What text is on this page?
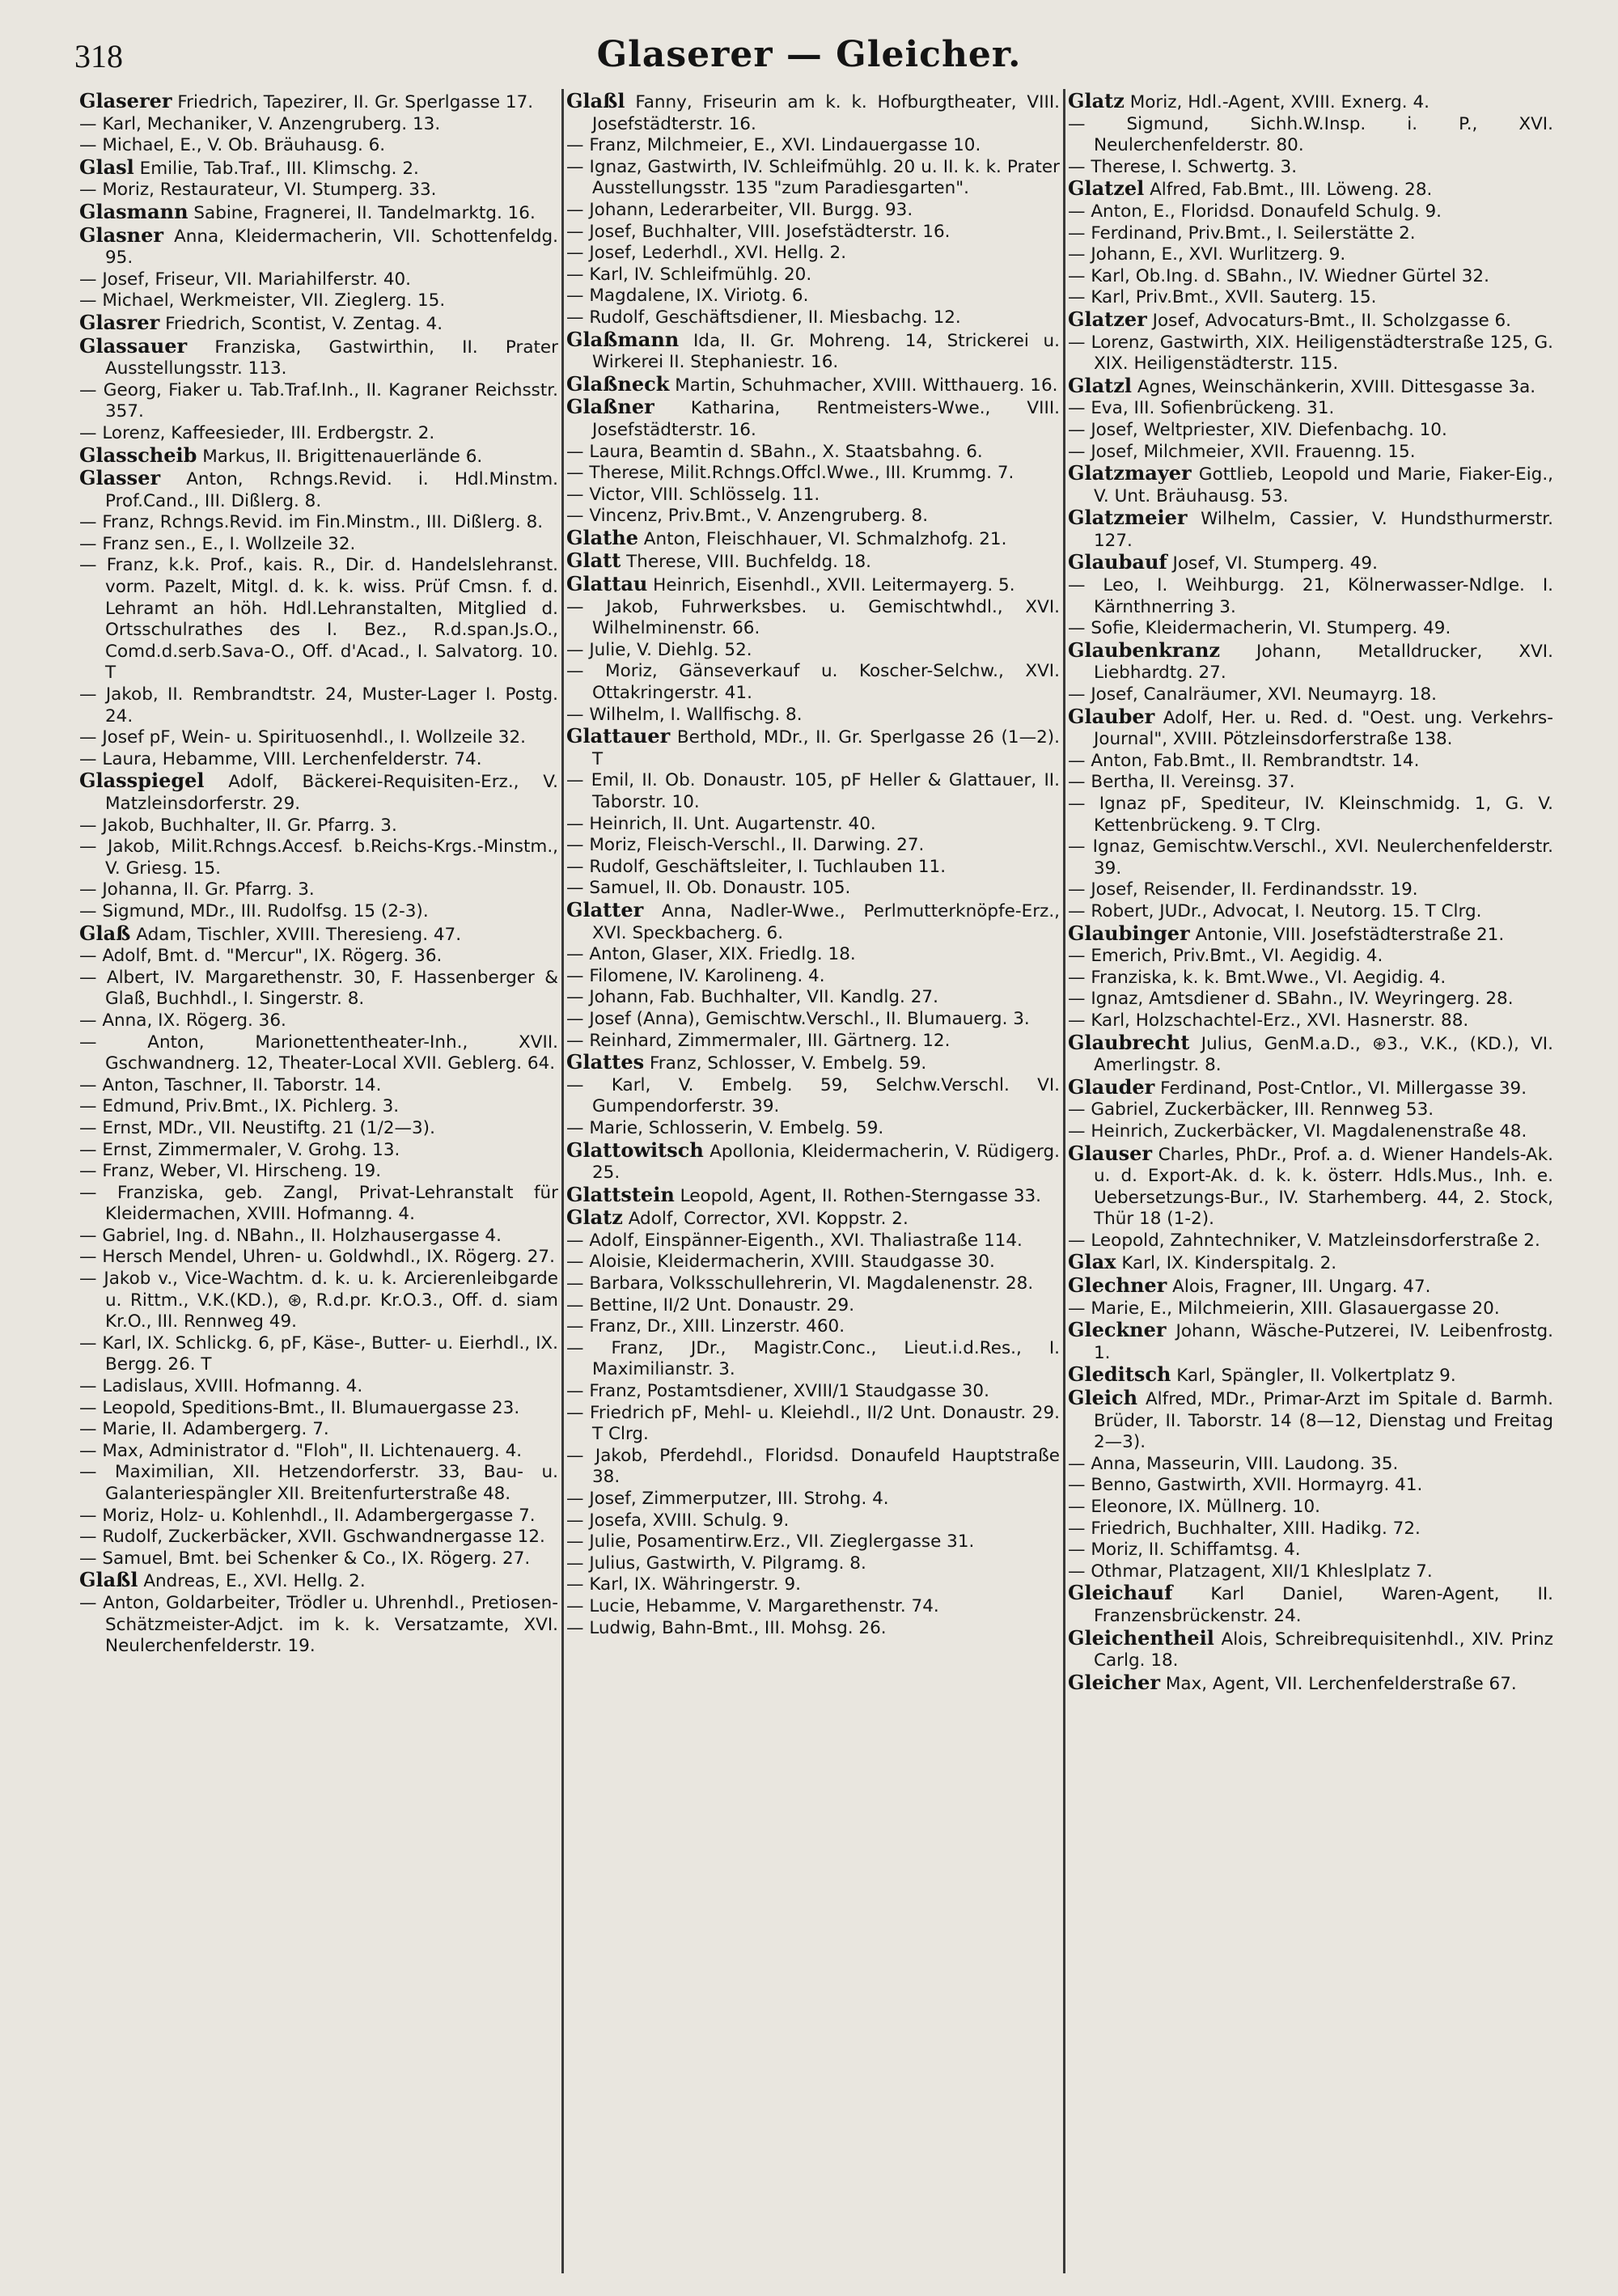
318	Glaserer — Gleicher.
Glaserer Friedrich, Tapezirer, II. Gr. Sperlgasse 17.
— Karl, Mechaniker, V. Anzengruberg. 13.
— Michael, E., V. Ob. Bräuhausg. 6.
Glasl Emilie, Tab.Traf., III. Klimschg. 2.
— Moriz, Restaurateur, VI. Stumperg. 33.
Glasmann Sabine, Fragnerei, II. Tandelmarktg. 16.
Glasner Anna, Kleidermacherin, VII. Schottenfeldg. 95.
— Josef, Friseur, VII. Mariahilferstr. 40.
— Michael, Werkmeister, VII. Zieglerg. 15.
Glasrer Friedrich, Scontist, V. Zentag. 4.
Glassauer Franziska, Gastwirthin, II. Prater Ausstellungsstr. 113.
— Georg, Fiaker u. Tab.Traf.Inh., II. Kagraner Reichsstr. 357.
— Lorenz, Kaffeesieder, III. Erdbergstr. 2.
Glasscheib Markus, II. Brigittenauerlände 6.
Glasser Anton, Rchngs.Revid. i. Hdl.Minstm. Prof.Cand., III. Dißlerg. 8.
— Franz, Rchngs.Revid. im Fin.Minstm., III. Dißlerg. 8.
— Franz sen., E., I. Wollzeile 32.
— Franz, k.k. Prof., kais. R., Dir. d. Handelslehranst. vorm. Pazelt, Mitgl. d. k. k. wiss. Prüf Cmsn. f. d. Lehramt an höh. Hdl.Lehranstalten, Mitglied d. Ortsschulrathes des I. Bez., R.d.span.Js.O., Comd.d.serb.Sava-O., Off. d'Acad., I. Salvatorg. 10. T
— Jakob, II. Rembrandtstr. 24, Muster-Lager I. Postg. 24.
— Josef pF, Wein- u. Spirituosenhdl., I. Wollzeile 32.
— Laura, Hebamme, VIII. Lerchenfelderstr. 74.
Glasspiegel Adolf, Bäckerei-Requisiten-Erz., V. Matzleinsdorferstr. 29.
— Jakob, Buchhalter, II. Gr. Pfarrg. 3.
— Jakob, Milit.Rchngs.Accesf. b.Reichs-Krgs.-Minstm., V. Griesg. 15.
— Johanna, II. Gr. Pfarrg. 3.
— Sigmund, MDr., III. Rudolfsg. 15 (2-3).
Glaß Adam, Tischler, XVIII. Theresieng. 47.
— Adolf, Bmt. d. "Mercur", IX. Rögerg. 36.
— Albert, IV. Margarethenstr. 30, F. Hassenberger & Glaß, Buchhdl., I. Singerstr. 8.
— Anna, IX. Rögerg. 36.
— Anton, Marionettentheater-Inh., XVII. Gschwandnerg. 12, Theater-Local XVII. Geblerg. 64.
— Anton, Taschner, II. Taborstr. 14.
— Edmund, Priv.Bmt., IX. Pichlerg. 3.
— Ernst, MDr., VII. Neustiftg. 21 (1/2—3).
— Ernst, Zimmermaler, V. Grohg. 13.
— Franz, Weber, VI. Hirscheng. 19.
— Franziska, geb. Zangl, Privat-Lehranstalt für Kleidermachen, XVIII. Hofmanng. 4.
— Gabriel, Ing. d. NBahn., II. Holzhausergasse 4.
— Hersch Mendel, Uhren- u. Goldwhdl., IX. Rögerg. 27.
— Jakob v., Vice-Wachtm. d. k. u. k. Arcierenleibgarde u. Rittm., V.K.(KD.), ⊛, R.d.pr. Kr.O.3., Off. d. siam Kr.O., III. Rennweg 49.
— Karl, IX. Schlickg. 6, pF, Käse-, Butter- u. Eierhdl., IX. Bergg. 26. T
— Ladislaus, XVIII. Hofmanng. 4.
— Leopold, Speditions-Bmt., II. Blumauergasse 23.
— Marie, II. Adambergerg. 7.
— Max, Administrator d. "Floh", II. Lichtenauerg. 4.
— Maximilian, XII. Hetzendorferstr. 33, Bau- u. Galanteriespängler XII. Breitenfurterstraße 48.
— Moriz, Holz- u. Kohlenhdl., II. Adambergergasse 7.
— Rudolf, Zuckerbäcker, XVII. Gschwandnergasse 12.
— Samuel, Bmt. bei Schenker & Co., IX. Rögerg. 27.
Glaßl Andreas, E., XVI. Hellg. 2.
— Anton, Goldarbeiter, Trödler u. Uhrenhdl., Pretiosen-Schätzmeister-Adjct. im k. k. Versatzamte, XVI. Neulerchenfelderstr. 19.
Glaßl Fanny, Friseurin am k. k. Hofburgtheater, VIII. Josefstädterstr. 16.
— Franz, Milchmeier, E., XVI. Lindauergasse 10.
— Ignaz, Gastwirth, IV. Schleifmühlg. 20 u. II. k. k. Prater Ausstellungsstr. 135 "zum Paradiesgarten".
— Johann, Lederarbeiter, VII. Burgg. 93.
— Josef, Buchhalter, VIII. Josefstädterstr. 16.
— Josef, Lederhdl., XVI. Hellg. 2.
— Karl, IV. Schleifmühlg. 20.
— Magdalene, IX. Viriotg. 6.
— Rudolf, Geschäftsdiener, II. Miesbachg. 12.
Glaßmann Ida, II. Gr. Mohreng. 14, Strickerei u. Wirkerei II. Stephaniestr. 16.
Glaßneck Martin, Schuhmacher, XVIII. Witthauerg. 16.
Glaßner Katharina, Rentmeisters-Wwe., VIII. Josefstädterstr. 16.
— Laura, Beamtin d. SBahn., X. Staatsbahng. 6.
— Therese, Milit.Rchngs.Offcl.Wwe., III. Krummg. 7.
— Victor, VIII. Schlösselg. 11.
— Vincenz, Priv.Bmt., V. Anzengruberg. 8.
Glathe Anton, Fleischhauer, VI. Schmalzhofg. 21.
Glatt Therese, VIII. Buchfeldg. 18.
Glattau Heinrich, Eisenhdl., XVII. Leitermayerg. 5.
— Jakob, Fuhrwerksbes. u. Gemischtwhdl., XVI. Wilhelminenstr. 66.
— Julie, V. Diehlg. 52.
— Moriz, Gänseverkauf u. Koscher-Selchw., XVI. Ottakringerstr. 41.
— Wilhelm, I. Wallfischg. 8.
Glattauer Berthold, MDr., II. Gr. Sperlgasse 26 (1—2). T
— Emil, II. Ob. Donaustr. 105, pF Heller & Glattauer, II. Taborstr. 10.
— Heinrich, II. Unt. Augartenstr. 40.
— Moriz, Fleisch-Verschl., II. Darwing. 27.
— Rudolf, Geschäftsleiter, I. Tuchlauben 11.
— Samuel, II. Ob. Donaustr. 105.
Glatter Anna, Nadler-Wwe., Perlmutterknöpfe-Erz., XVI. Speckbacherg. 6.
— Anton, Glaser, XIX. Friedlg. 18.
— Filomene, IV. Karolineng. 4.
— Johann, Fab. Buchhalter, VII. Kandlg. 27.
— Josef (Anna), Gemischtw.Verschl., II. Blumauerg. 3.
— Reinhard, Zimmermaler, III. Gärtnerg. 12.
Glattes Franz, Schlosser, V. Embelg. 59.
— Karl, V. Embelg. 59, Selchw.Verschl. VI. Gumpendorferstr. 39.
— Marie, Schlosserin, V. Embelg. 59.
Glattowitsch Apollonia, Kleidermacherin, V. Rüdigerg. 25.
Glattstein Leopold, Agent, II. Rothen-Sterngasse 33.
Glatz Adolf, Corrector, XVI. Koppstr. 2.
— Adolf, Einspänner-Eigenth., XVI. Thaliastraße 114.
— Aloisie, Kleidermacherin, XVIII. Staudgasse 30.
— Barbara, Volksschullehrerin, VI. Magdalenenstr. 28.
— Bettine, II/2 Unt. Donaustr. 29.
— Franz, Dr., XIII. Linzerstr. 460.
— Franz, JDr., Magistr.Conc., Lieut.i.d.Res., I. Maximilianstr. 3.
— Franz, Postamtsdiener, XVIII/1 Staudgasse 30.
— Friedrich pF, Mehl- u. Kleiehdl., II/2 Unt. Donaustr. 29. T Clrg.
— Jakob, Pferdehdl., Floridsd. Donaufeld Hauptstraße 38.
— Josef, Zimmerputzer, III. Strohg. 4.
— Josefa, XVIII. Schulg. 9.
— Julie, Posamentirw.Erz., VII. Zieglergasse 31.
— Julius, Gastwirth, V. Pilgramg. 8.
— Karl, IX. Währingerstr. 9.
— Lucie, Hebamme, V. Margarethenstr. 74.
— Ludwig, Bahn-Bmt., III. Mohsg. 26.
Glatz Moriz, Hdl.-Agent, XVIII. Exnerg. 4.
— Sigmund, Sichh.W.Insp. i. P., XVI. Neulerchenfelderstr. 80.
— Therese, I. Schwertg. 3.
Glatzel Alfred, Fab.Bmt., III. Löweng. 28.
— Anton, E., Floridsd. Donaufeld Schulg. 9.
— Ferdinand, Priv.Bmt., I. Seilerstätte 2.
— Johann, E., XVI. Wurlitzerg. 9.
— Karl, Ob.Ing. d. SBahn., IV. Wiedner Gürtel 32.
— Karl, Priv.Bmt., XVII. Sauterg. 15.
Glatzer Josef, Advocaturs-Bmt., II. Scholzgasse 6.
— Lorenz, Gastwirth, XIX. Heiligenstädterstraße 125, G. XIX. Heiligenstädterstr. 115.
Glatzl Agnes, Weinschänkerin, XVIII. Dittesgasse 3a.
— Eva, III. Sofienbrückeng. 31.
— Josef, Weltpriester, XIV. Diefenbachg. 10.
— Josef, Milchmeier, XVII. Frauenng. 15.
Glatzmayer Gottlieb, Leopold und Marie, Fiaker-Eig., V. Unt. Bräuhausg. 53.
Glatzmeier Wilhelm, Cassier, V. Hundsthurmerstr. 127.
Glaubauf Josef, VI. Stumperg. 49.
— Leo, I. Weihburgg. 21, Kölnerwasser-Ndlge. I. Kärnthnerring 3.
— Sofie, Kleidermacherin, VI. Stumperg. 49.
Glaubenkranz Johann, Metalldrucker, XVI. Liebhardtg. 27.
— Josef, Canalräumer, XVI. Neumayrg. 18.
Glauber Adolf, Her. u. Red. d. "Oest. ung. Verkehrs-Journal", XVIII. Pötzleinsdorferstraße 138.
— Anton, Fab.Bmt., II. Rembrandtstr. 14.
— Bertha, II. Vereinsg. 37.
— Ignaz pF, Spediteur, IV. Kleinschmidg. 1, G. V. Kettenbrückeng. 9. T Clrg.
— Ignaz, Gemischtw.Verschl., XVI. Neulerchenfelderstr. 39.
— Josef, Reisender, II. Ferdinandsstr. 19.
— Robert, JUDr., Advocat, I. Neutorg. 15. T Clrg.
Glaubinger Antonie, VIII. Josefstädterstraße 21.
— Emerich, Priv.Bmt., VI. Aegidig. 4.
— Franziska, k. k. Bmt.Wwe., VI. Aegidig. 4.
— Ignaz, Amtsdiener d. SBahn., IV. Weyringerg. 28.
— Karl, Holzschachtel-Erz., XVI. Hasnerstr. 88.
Glaubrecht Julius, GenM.a.D., ⊛3., V.K., (KD.), VI. Amerlingstr. 8.
Glauder Ferdinand, Post-Cntlor., VI. Millergasse 39.
— Gabriel, Zuckerbäcker, III. Rennweg 53.
— Heinrich, Zuckerbäcker, VI. Magdalenenstraße 48.
Glauser Charles, PhDr., Prof. a. d. Wiener Handels-Ak. u. d. Export-Ak. d. k. k. österr. Hdls.Mus., Inh. e. Uebersetzungs-Bur., IV. Starhemberg. 44, 2. Stock, Thür 18 (1-2).
— Leopold, Zahntechniker, V. Matzleinsdorferstraße 2.
Glax Karl, IX. Kinderspitalg. 2.
Glechner Alois, Fragner, III. Ungarg. 47.
— Marie, E., Milchmeierin, XIII. Glasauergasse 20.
Gleckner Johann, Wäsche-Putzerei, IV. Leibenfrostg. 1.
Gleditsch Karl, Spängler, II. Volkertplatz 9.
Gleich Alfred, MDr., Primar-Arzt im Spitale d. Barmh. Brüder, II. Taborstr. 14 (8—12, Dienstag und Freitag 2—3).
— Anna, Masseurin, VIII. Laudong. 35.
— Benno, Gastwirth, XVII. Hormayrg. 41.
— Eleonore, IX. Müllnerg. 10.
— Friedrich, Buchhalter, XIII. Hadikg. 72.
— Moriz, II. Schiffamtsg. 4.
— Othmar, Platzagent, XII/1 Khleslplatz 7.
Gleichauf Karl Daniel, Waren-Agent, II. Franzensbrückenstr. 24.
Gleichentheil Alois, Schreibrequisitenhdl., XIV. Prinz Carlg. 18.
Gleicher Max, Agent, VII. Lerchenfelderstraße 67.
